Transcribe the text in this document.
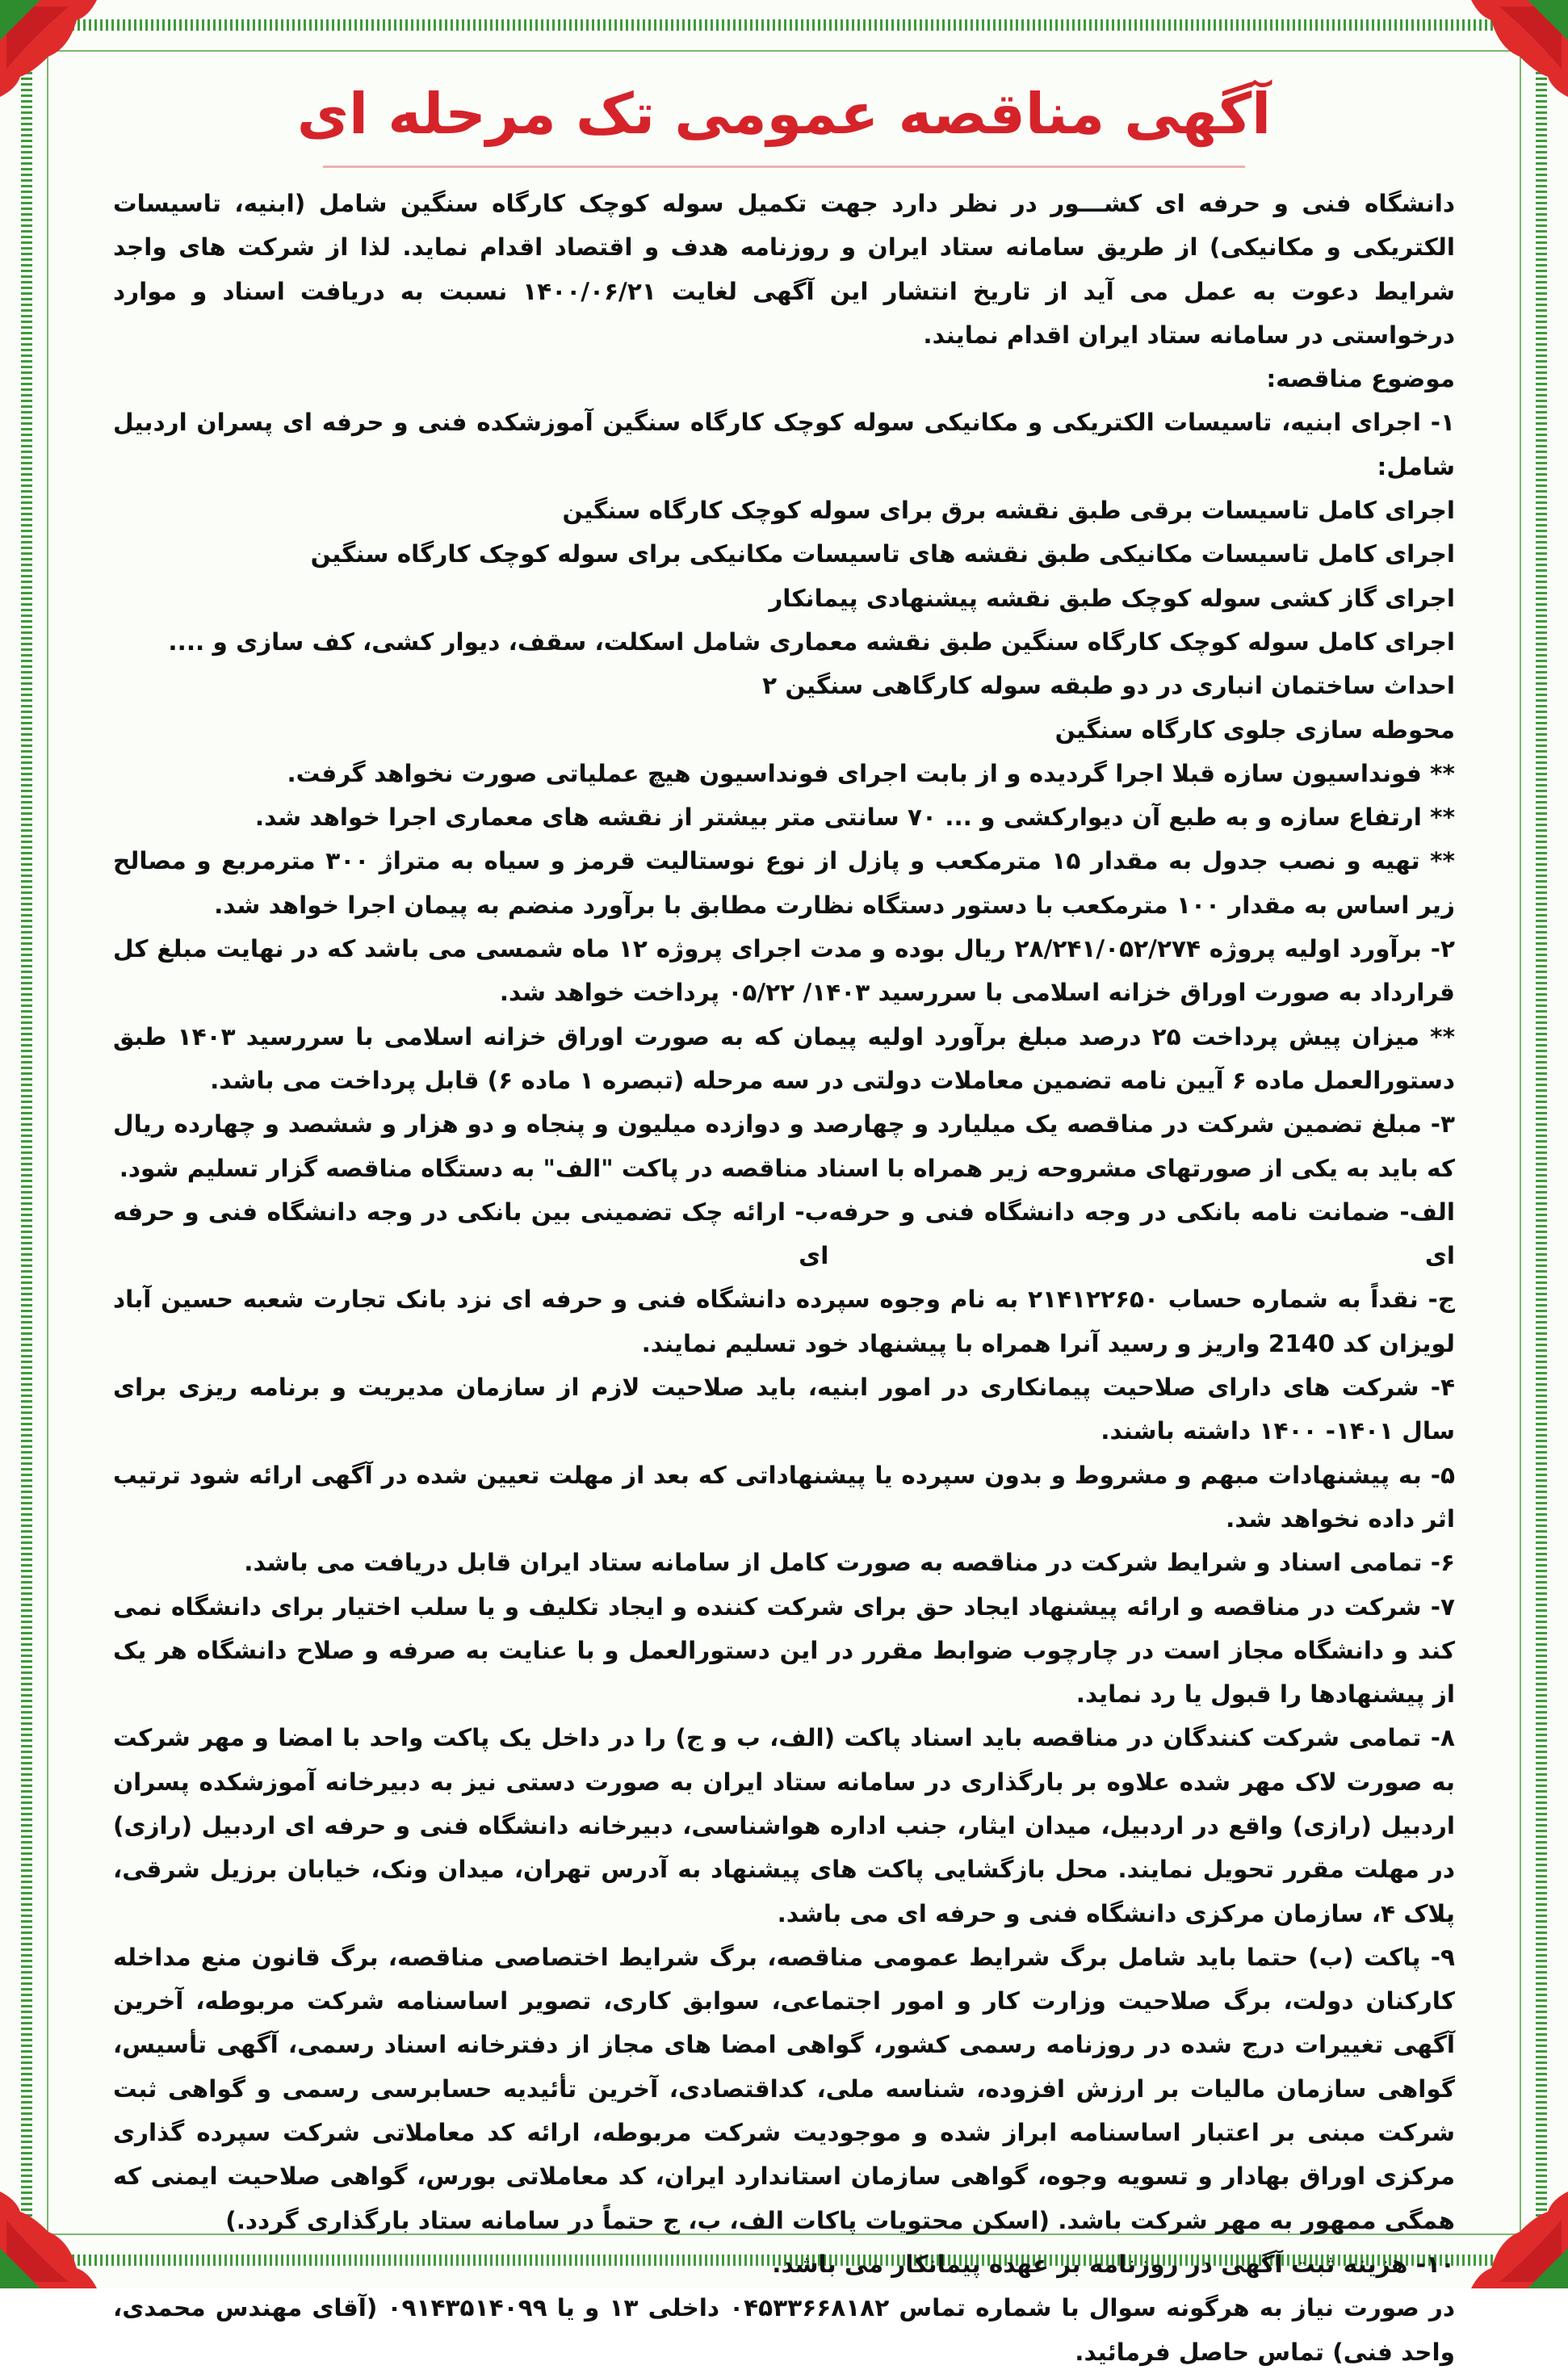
آگهی مناقصه عمومی تک مرحله ای

دانشگاه فنی و حرفه ای کشـــور در نظر دارد جهت تکمیل سوله کوچک کارگاه سنگین شامل (ابنیه، تاسیسات الکتریکی و مکانیکی) از طریق سامانه ستاد ایران و روزنامه هدف و اقتصاد اقدام نماید. لذا از شرکت های واجد شرایط دعوت به عمل می آید از تاریخ انتشار این آگهی لغایت ۱۴۰۰/۰۶/۲۱ نسبت به دریافت اسناد و موارد درخواستی در سامانه ستاد ایران اقدام نمایند.

موضوع مناقصه:

۱- اجرای ابنیه، تاسیسات الکتریکی و مکانیکی سوله کوچک کارگاه سنگین آموزشکده فنی و حرفه ای پسران اردبیل شامل:

اجرای کامل تاسیسات برقی طبق نقشه برق برای سوله کوچک کارگاه سنگین

اجرای کامل تاسیسات مکانیکی طبق نقشه های تاسیسات مکانیکی برای سوله کوچک کارگاه سنگین

اجرای گاز کشی سوله کوچک طبق نقشه پیشنهادی پیمانکار

اجرای کامل سوله کوچک کارگاه سنگین طبق نقشه معماری شامل اسکلت، سقف، دیوار کشی، کف سازی و ....

احداث ساختمان انباری در دو طبقه سوله کارگاهی سنگین ۲

محوطه سازی جلوی کارگاه سنگین

** فونداسیون سازه قبلا اجرا گردیده و از بابت اجرای فونداسیون هیچ عملیاتی صورت نخواهد گرفت.

** ارتفاع سازه و به طبع آن دیوارکشی و ... ۷۰ سانتی متر بیشتر از نقشه های معماری اجرا خواهد شد.

** تهیه و نصب جدول به مقدار ۱۵ مترمکعب و پازل از نوع نوستالیت قرمز و سیاه به متراژ ۳۰۰ مترمربع و مصالح زیر اساس به مقدار ۱۰۰ مترمکعب با دستور دستگاه نظارت مطابق با برآورد منضم به پیمان اجرا خواهد شد.

۲- برآورد اولیه پروژه ۲۸/۲۴۱/۰۵۲/۲۷۴ ریال بوده و مدت اجرای پروژه ۱۲ ماه شمسی می باشد که در نهایت مبلغ کل قرارداد به صورت اوراق خزانه اسلامی با سررسید ۱۴۰۳/ ۰۵/۲۲ پرداخت خواهد شد.

** میزان پیش پرداخت ۲۵ درصد مبلغ برآورد اولیه پیمان که به صورت اوراق خزانه اسلامی با سررسید ۱۴۰۳ طبق دستورالعمل ماده ۶ آیین نامه تضمین معاملات دولتی در سه مرحله (تبصره ۱ ماده ۶) قابل پرداخت می باشد.

۳- مبلغ تضمین شرکت در مناقصه یک میلیارد و چهارصد و دوازده میلیون و پنجاه و دو هزار و ششصد و چهارده ریال که باید به یکی از صورتهای مشروحه زیر همراه با اسناد مناقصه در پاکت "الف" به دستگاه مناقصه گزار تسلیم شود.

الف- ضمانت نامه بانکی در وجه دانشگاه فنی و حرفه ای
ب- ارائه چک تضمینی بین بانکی در وجه دانشگاه فنی و حرفه ای

ج- نقداً به شماره حساب ۲۱۴۱۲۲۶۵۰ به نام وجوه سپرده دانشگاه فنی و حرفه ای نزد بانک تجارت شعبه حسین آباد لویزان کد 2140 واریز و رسید آنرا همراه با پیشنهاد خود تسلیم نمایند.

۴- شرکت های دارای صلاحیت پیمانکاری در امور ابنیه، باید صلاحیت لازم از سازمان مدیریت و برنامه ریزی برای سال ۱۴۰۱- ۱۴۰۰ داشته باشند.

۵- به پیشنهادات مبهم و مشروط و بدون سپرده یا پیشنهاداتی که بعد از مهلت تعیین شده در آگهی ارائه شود ترتیب اثر داده نخواهد شد.

۶- تمامی اسناد و شرایط شرکت در مناقصه به صورت کامل از سامانه ستاد ایران قابل دریافت می باشد.

۷- شرکت در مناقصه و ارائه پیشنهاد ایجاد حق برای شرکت کننده و ایجاد تکلیف و یا سلب اختیار برای دانشگاه نمی کند و دانشگاه مجاز است در چارچوب ضوابط مقرر در این دستورالعمل و با عنایت به صرفه و صلاح دانشگاه هر یک از پیشنهادها را قبول یا رد نماید.

۸- تمامی شرکت کنندگان در مناقصه باید اسناد پاکت (الف، ب و ج) را در داخل یک پاکت واحد با امضا و مهر شرکت به صورت لاک مهر شده علاوه بر بارگذاری در سامانه ستاد ایران به صورت دستی نیز به دبیرخانه آموزشکده پسران اردبیل (رازی) واقع در اردبیل، میدان ایثار، جنب اداره هواشناسی، دبیرخانه دانشگاه فنی و حرفه ای اردبیل (رازی) در مهلت مقرر تحویل نمایند. محل بازگشایی پاکت های پیشنهاد به آدرس تهران، میدان ونک، خیابان برزیل شرقی، پلاک ۴، سازمان مرکزی دانشگاه فنی و حرفه ای می باشد.

۹- پاکت (ب) حتما باید شامل برگ شرایط عمومی مناقصه، برگ شرایط اختصاصی مناقصه، برگ قانون منع مداخله کارکنان دولت، برگ صلاحیت وزارت کار و امور اجتماعی، سوابق کاری، تصویر اساسنامه شرکت مربوطه، آخرین آگهی تغییرات درج شده در روزنامه رسمی کشور، گواهی امضا های مجاز از دفترخانه اسناد رسمی، آگهی تأسیس، گواهی سازمان مالیات بر ارزش افزوده، شناسه ملی، کداقتصادی، آخرین تأئیدیه حسابرسی رسمی و گواهی ثبت شرکت مبنی بر اعتبار اساسنامه ابراز شده و موجودیت شرکت مربوطه، ارائه کد معاملاتی شرکت سپرده گذاری مرکزی اوراق بهادار و تسویه وجوه، گواهی سازمان استاندارد ایران، کد معاملاتی بورس، گواهی صلاحیت ایمنی که همگی ممهور به مهر شرکت باشد. (اسکن محتویات پاکات الف، ب، ج حتماً در سامانه ستاد بارگذاری گردد.)

۱۰- هزینه ثبت آگهی در روزنامه بر عهده پیمانکار می باشد.

در صورت نیاز به هرگونه سوال با شماره تماس ۰۴۵۳۳۶۶۸۱۸۲ داخلی ۱۳ و یا ۰۹۱۴۳۵۱۴۰۹۹ (آقای مهندس محمدی، واحد فنی) تماس حاصل فرمائید.
